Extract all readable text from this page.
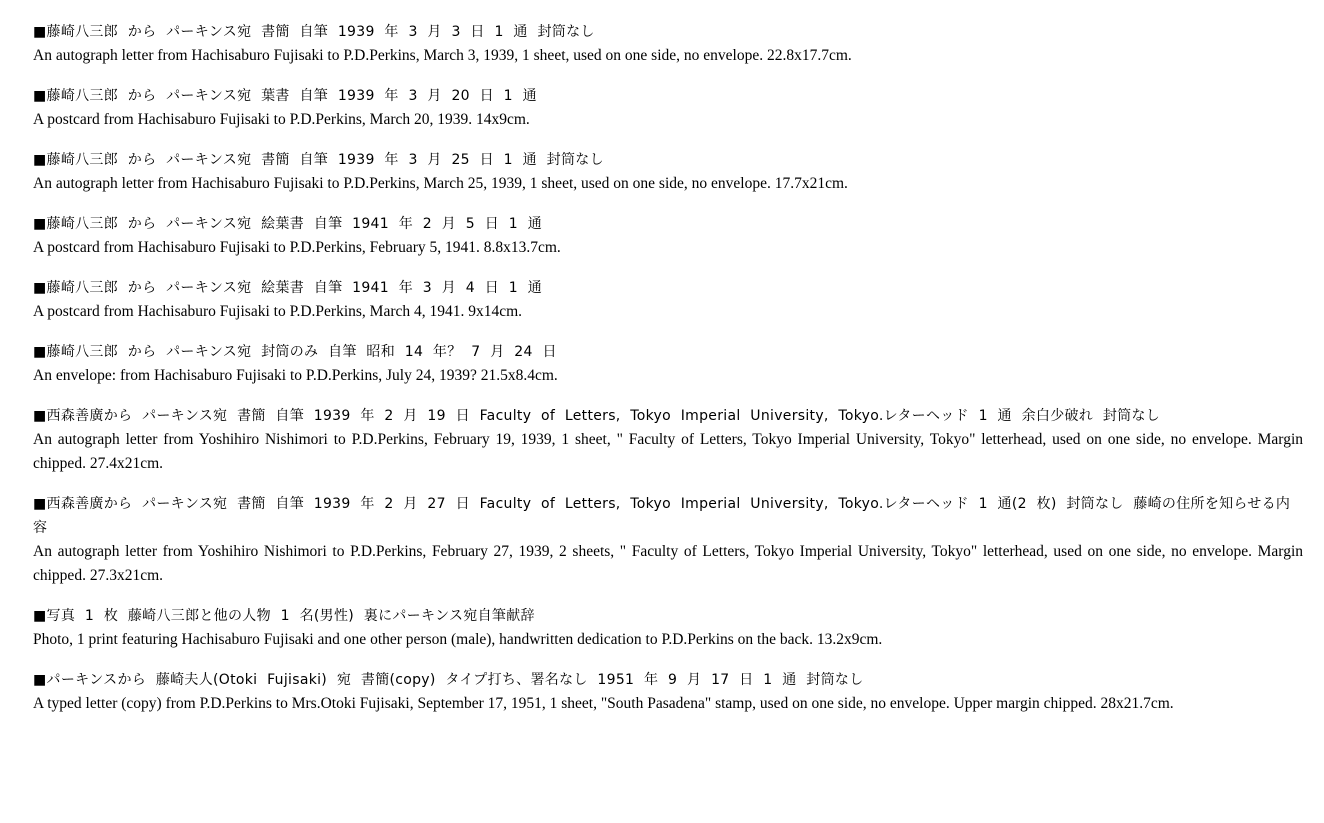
■藤崎八三郎 から パーキンス宛 書簡 自筆 1939 年 3 月 3 日 1 通 封筒なし

An autograph letter from Hachisaburo Fujisaki to P.D.Perkins, March 3, 1939, 1 sheet, used on one side, no envelope. 22.8x17.7cm.

■藤崎八三郎 から パーキンス宛 葉書 自筆 1939 年 3 月 20 日 1 通

A postcard from Hachisaburo Fujisaki to P.D.Perkins, March 20, 1939. 14x9cm.

■藤崎八三郎 から パーキンス宛 書簡 自筆 1939 年 3 月 25 日 1 通 封筒なし

An autograph letter from Hachisaburo Fujisaki to P.D.Perkins, March 25, 1939, 1 sheet, used on one side, no envelope. 17.7x21cm.

■藤崎八三郎 から パーキンス宛 絵葉書 自筆 1941 年 2 月 5 日 1 通

A postcard from Hachisaburo Fujisaki to P.D.Perkins, February 5, 1941. 8.8x13.7cm.

■藤崎八三郎 から パーキンス宛 絵葉書 自筆 1941 年 3 月 4 日 1 通

A postcard from Hachisaburo Fujisaki to P.D.Perkins, March 4, 1941. 9x14cm.

■藤崎八三郎 から パーキンス宛 封筒のみ 自筆 昭和 14 年？ 7 月 24 日

An envelope: from Hachisaburo Fujisaki to P.D.Perkins, July 24, 1939? 21.5x8.4cm.

■西森善廣から パーキンス宛 書簡 自筆 1939 年 2 月 19 日 Faculty of Letters, Tokyo Imperial University, Tokyo.レターヘッド 1 通 余白少破れ 封筒なし

An autograph letter from Yoshihiro Nishimori to P.D.Perkins, February 19, 1939, 1 sheet, " Faculty of Letters, Tokyo Imperial University, Tokyo" letterhead, used on one side, no envelope. Margin chipped. 27.4x21cm.

■西森善廣から パーキンス宛 書簡 自筆 1939 年 2 月 27 日 Faculty of Letters, Tokyo Imperial University, Tokyo.レターヘッド 1 通(2 枚) 封筒なし 藤崎の住所を知らせる内容

An autograph letter from Yoshihiro Nishimori to P.D.Perkins, February 27, 1939, 2 sheets, " Faculty of Letters, Tokyo Imperial University, Tokyo" letterhead, used on one side, no envelope. Margin chipped. 27.3x21cm.

■写真 1 枚 藤崎八三郎と他の人物 1 名(男性) 裏にパーキンス宛自筆献辞

Photo, 1 print featuring Hachisaburo Fujisaki and one other person (male), handwritten dedication to P.D.Perkins on the back. 13.2x9cm.

■パーキンスから 藤崎夫人(Otoki Fujisaki) 宛 書簡(copy) タイプ打ち、署名なし 1951 年 9 月 17 日 1 通 封筒なし

A typed letter (copy) from P.D.Perkins to Mrs.Otoki Fujisaki, September 17, 1951, 1 sheet, "South Pasadena" stamp, used on one side, no envelope. Upper margin chipped. 28x21.7cm.
